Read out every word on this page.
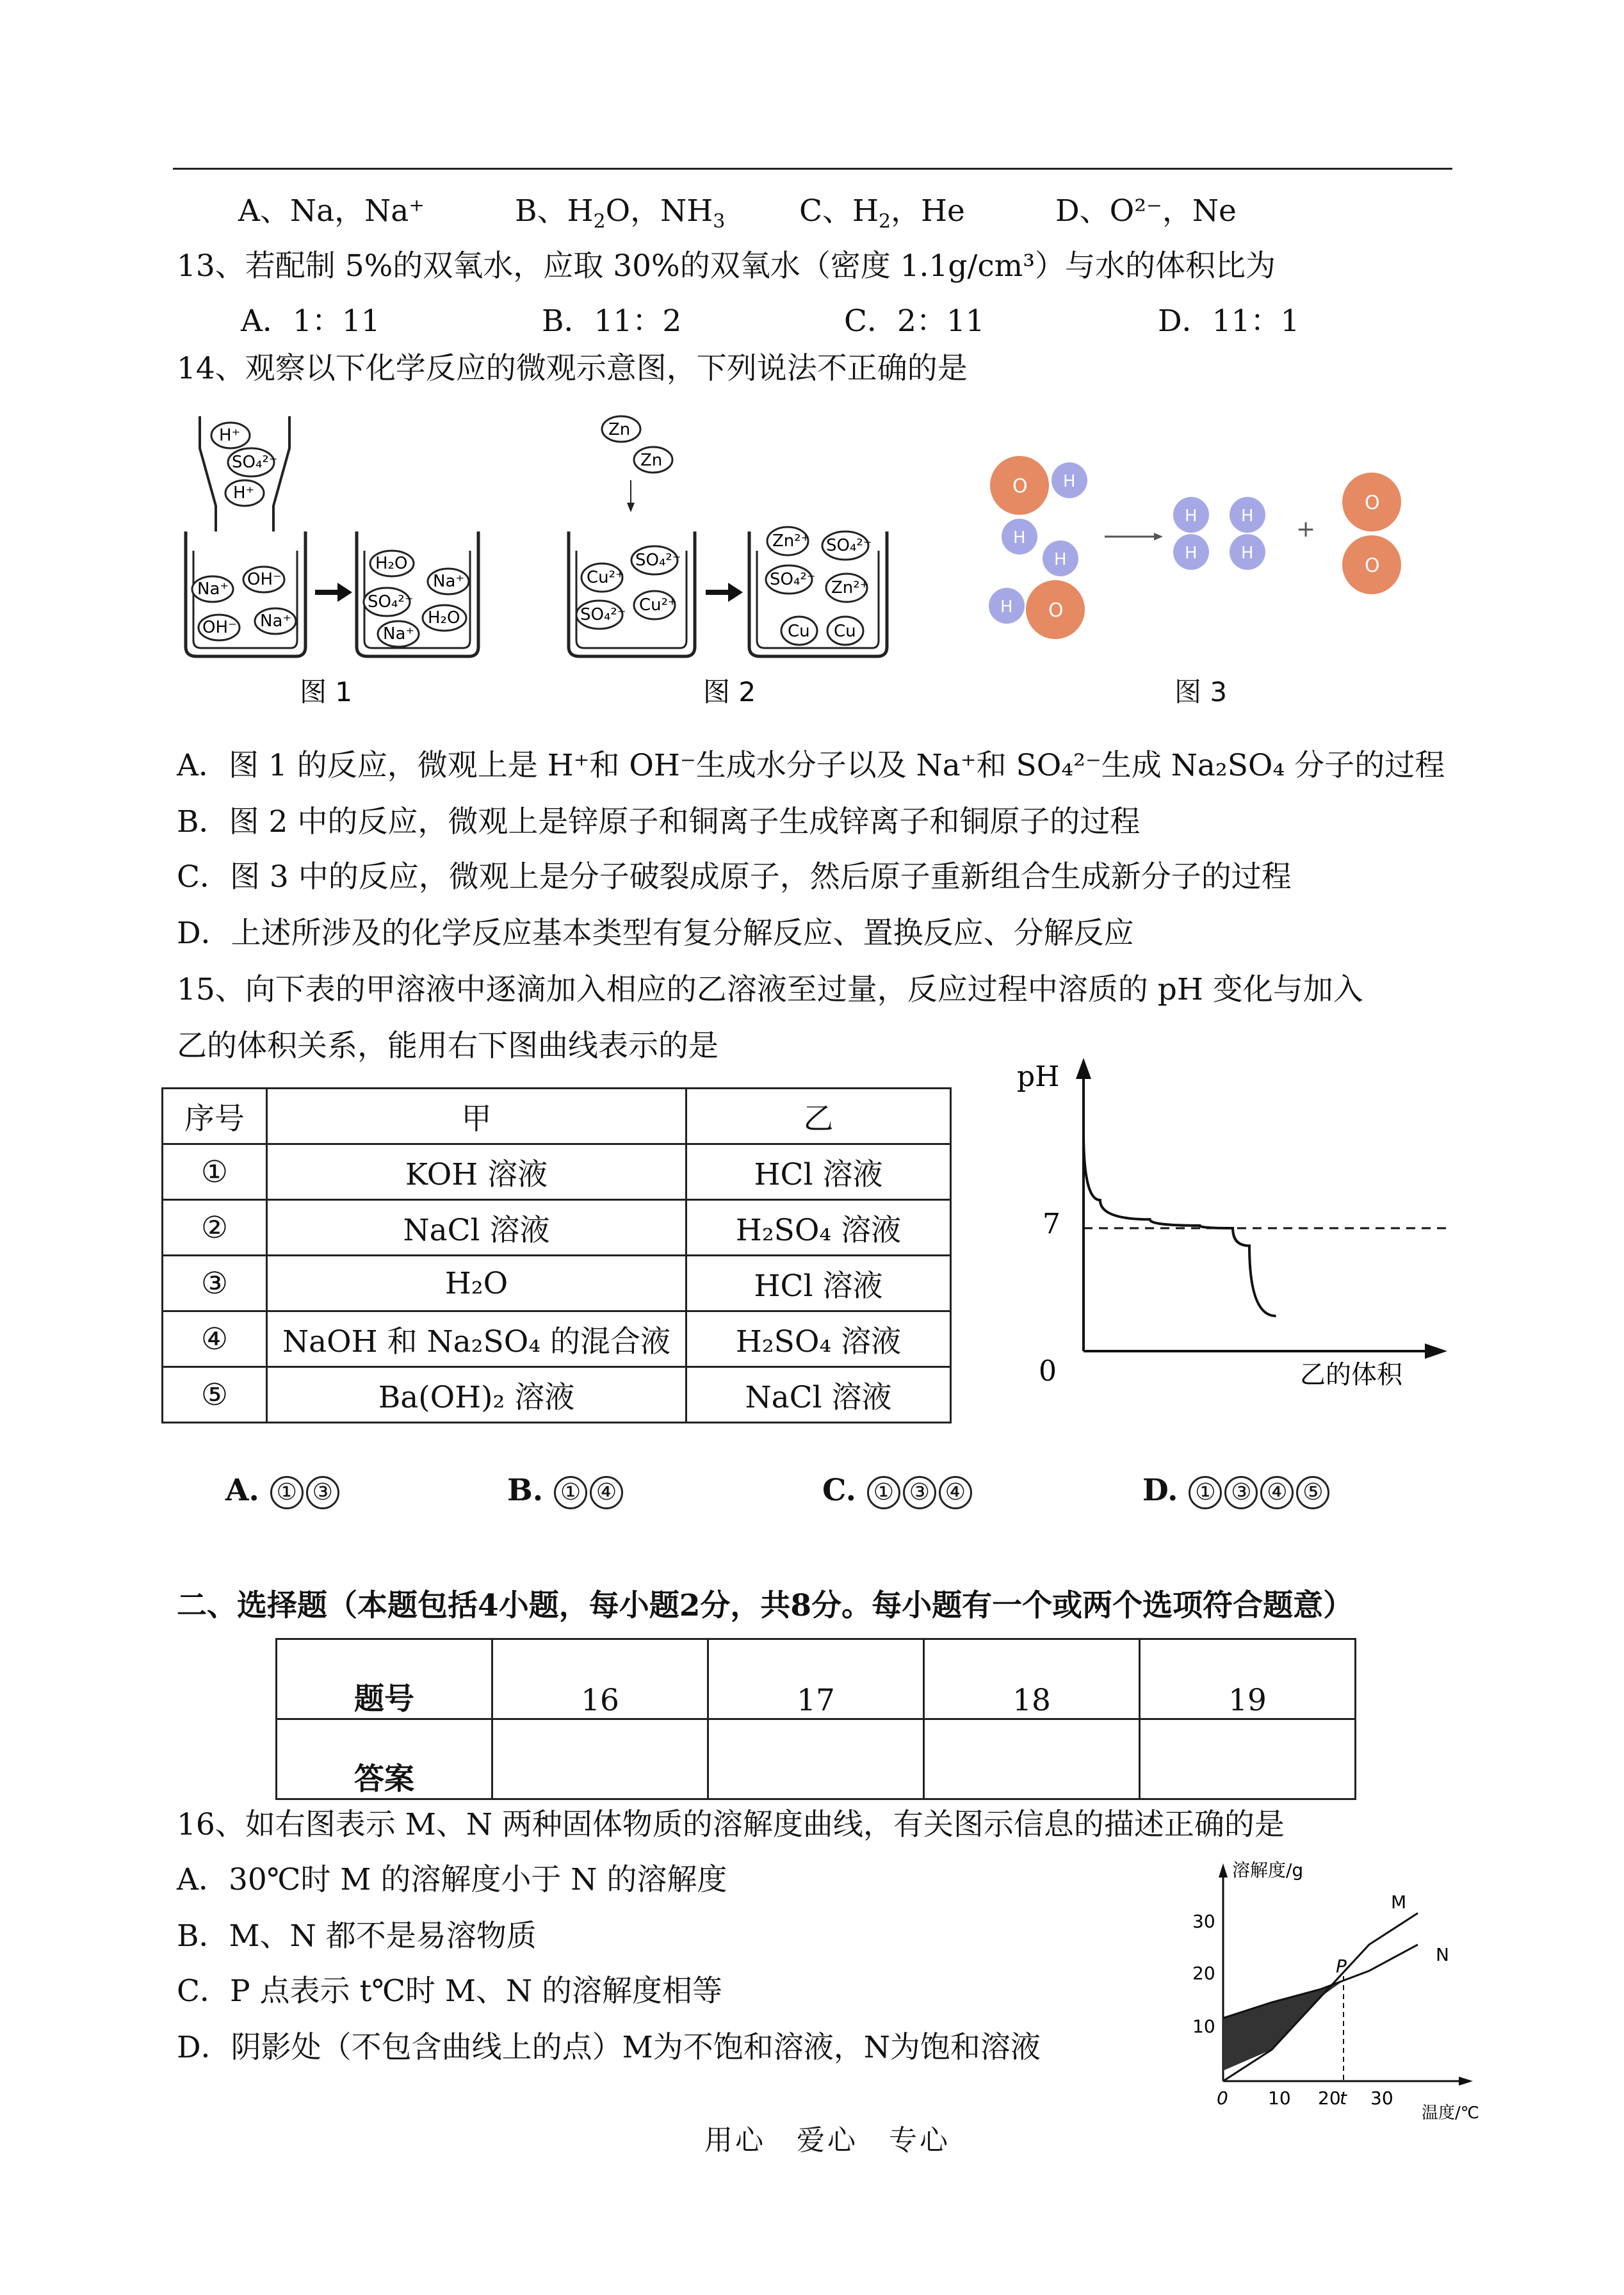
A、Na，Na⁺	B、$H_2O$，$NH_3$ C、$H_2$，He	D、O²⁻，Ne
13、若配制 5%的双氧水，应取 30%的双氧水（密度 1.1g/cm³）与水的体积比为
A．1：11	B．11：2	C．2：11	D．11：1
14、观察以下化学反应的微观示意图，下列说法不正确的是
H⁺
SO₄²⁻
H⁺
Na⁺ OH⁻
OH⁻ Na⁺
H₂O
Na⁺
SO₄²⁻
H₂O
Na⁺
图 1
Zn
Zn
Cu²⁺
SO₄²⁻
SO₄²⁻ Cu²⁺
Zn²⁺ SO₄²⁻
SO₄²⁻ Zn²⁺
Cu Cu
图 2
O H
H
H
H O
H
H
H
H
+
O
O
图 3
A．图 1 的反应，微观上是 H⁺和 OH⁻生成水分子以及 Na⁺和 SO₄²⁻生成 Na₂SO₄ 分子的过程
B．图 2 中的反应，微观上是锌原子和铜离子生成锌离子和铜原子的过程
C．图 3 中的反应，微观上是分子破裂成原子，然后原子重新组合生成新分子的过程
D．上述所涉及的化学反应基本类型有复分解反应、置换反应、分解反应
15、向下表的甲溶液中逐滴加入相应的乙溶液至过量，反应过程中溶质的 pH 变化与加入
乙的体积关系，能用右下图曲线表示的是
序号	甲	乙
①	KOH 溶液	HCl 溶液
②	NaCl 溶液	H₂SO₄ 溶液
③	H₂O	HCl 溶液
④	NaOH 和 Na₂SO₄ 的混合液	H₂SO₄ 溶液
⑤	Ba(OH)₂ 溶液	NaCl 溶液
pH
7
0	乙的体积
A. ① ③	B. ① ④	C. ① ③ ④	D. ① ③ ④ ⑤
二、选择题（本题包括4小题，每小题2分，共8分。每小题有一个或两个选项符合题意）
题号	16	17	18	19
答案				
16、如右图表示 M、N 两种固体物质的溶解度曲线，有关图示信息的描述正确的是
A．30℃时 M 的溶解度小于 N 的溶解度
B．M、N 都不是易溶物质
C．P 点表示 t℃时 M、N 的溶解度相等
D．阴影处（不包含曲线上的点）M为不饱和溶液，N为饱和溶液
溶解度/g
温度/℃
30
20
10
0 10 20
t 30
P
M
N
用心　爱心　专心
